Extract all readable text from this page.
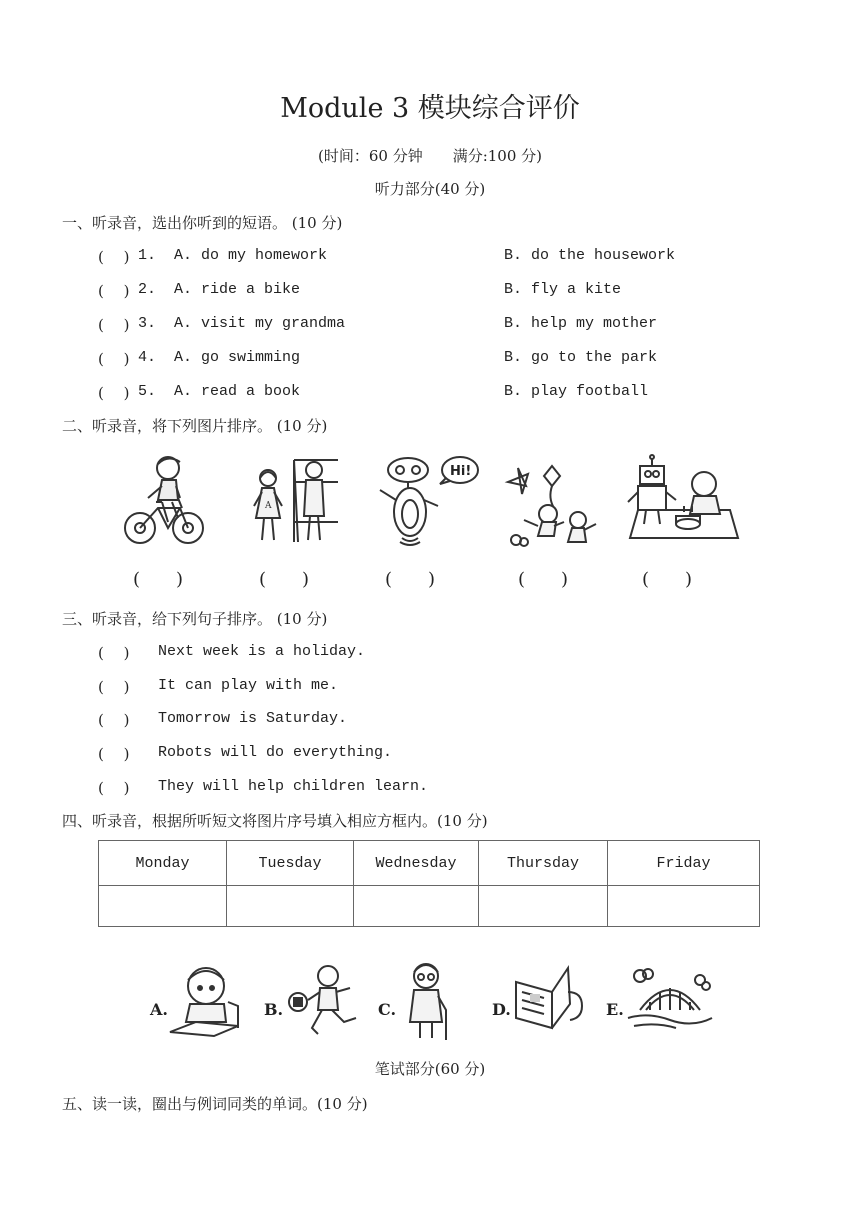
Module 3 模块综合评价
(时间：60 分钟　　满分:100 分)
听力部分(40 分)
一、听录音，选出你听到的短语。 (10 分)
(　 ) 1. A. do my homework	B. do the housework
(　 ) 2. A. ride a bike	B. fly a kite
(　 ) 3. A. visit my grandma	B. help my mother
(　 ) 4. A. go swimming	B. go to the park
(　 ) 5. A. read a book	B. play football
二、听录音，将下列图片排序。 (10 分)
(　　)
A
(　　)
Hi!
(　　)	(　　)	(　　)
三、听录音，给下列句子排序。 (10 分)
(　 ) Next week is a holiday.
(　 ) It can play with me.
(　 ) Tomorrow is Saturday.
(　 ) Robots will do everything.
(　 ) They will help children learn.
四、听录音，根据所听短文将图片序号填入相应方框内。(10 分)
Monday	Tuesday	Wednesday	Thursday	Friday

A.	B.	C.	D.	E.
笔试部分(60 分)
五、读一读，圈出与例词同类的单词。(10 分)
